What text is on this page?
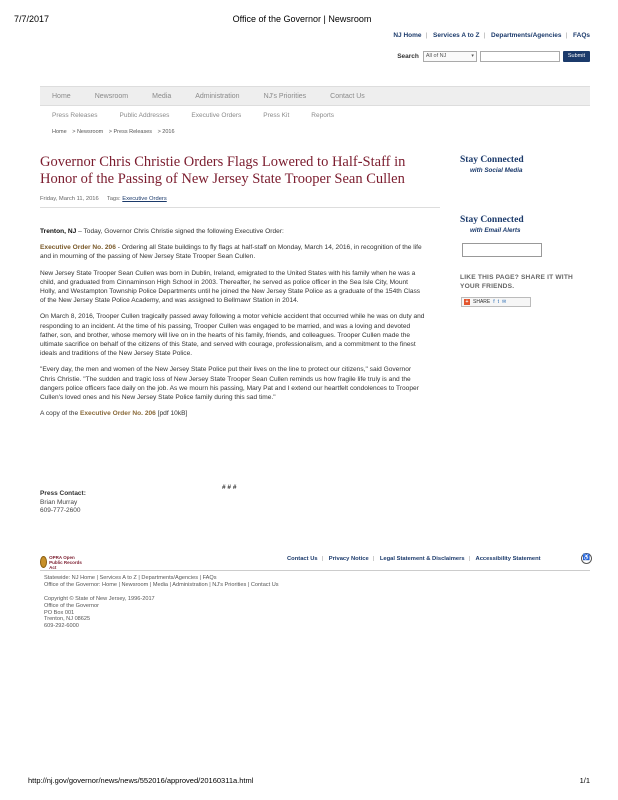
7/7/2017	Office of the Governor | Newsroom
NJ Home | Services A to Z | Departments/Agencies | FAQs
Search	All of NJ	▾	Submit
Home	Newsroom	Media	Administration	NJ's Priorities	Contact Us
Press Releases	Public Addresses	Executive Orders	Press Kit	Reports
Home > Newsroom > Press Releases > 2016
Governor Chris Christie Orders Flags Lowered to Half-Staff in Honor of the Passing of New Jersey State Trooper Sean Cullen
Friday, March 11, 2016 Tags: Executive Orders

Trenton, NJ – Today, Governor Chris Christie signed the following Executive Order:

Executive Order No. 206 - Ordering all State buildings to fly flags at half-staff on Monday, March 14, 2016, in recognition of the life and in mourning of the passing of New Jersey State Trooper Sean Cullen.

New Jersey State Trooper Sean Cullen was born in Dublin, Ireland, emigrated to the United States with his family when he was a child, and graduated from Cinnaminson High School in 2003. Thereafter, he served as police officer in the Sea Isle City, Mount Holly, and Westampton Township Police Departments until he joined the New Jersey State Police as a graduate of the 154th Class of the New Jersey State Police Academy, and was assigned to Bellmawr Station in 2014.

On March 8, 2016, Trooper Cullen tragically passed away following a motor vehicle accident that occurred while he was on duty and responding to an incident. At the time of his passing, Trooper Cullen was engaged to be married, and was a loving and devoted father, son, and brother, whose memory will live on in the hearts of his family, friends, and colleagues. Trooper Cullen made the ultimate sacrifice on behalf of the citizens of this State, and served with courage, professionalism, and a commitment to the finest ideals and traditions of the New Jersey State Police.

"Every day, the men and women of the New Jersey State Police put their lives on the line to protect our citizens," said Governor Chris Christie. "The sudden and tragic loss of New Jersey State Trooper Sean Cullen reminds us how fragile life truly is and the dangers police officers face daily on the job. As we mourn his passing, Mary Pat and I extend our heartfelt condolences to Trooper Cullen's loved ones and his New Jersey State Police family during this sad time."

A copy of the Executive Order No. 206 [pdf 10kB]

# # #
Press Contact:
Brian Murray
609-777-2600
Stay Connected
with Social Media
Stay Connected
with Email Alerts
LIKE THIS PAGE? SHARE IT WITH YOUR FRIENDS.
+ SHARE f t ✉
OPRA Open Public Records Act
Contact Us | Privacy Notice | Legal Statement & Disclaimers | Accessibility Statement	♿
Statewide: NJ Home | Services A to Z | Departments/Agencies | FAQs
Office of the Governor: Home | Newsroom | Media | Administration | NJ's Priorities | Contact Us
Copyright © State of New Jersey, 1996-2017
Office of the Governor
PO Box 001
Trenton, NJ 08625
609-292-6000
http://nj.gov/governor/news/news/552016/approved/20160311a.html	1/1
